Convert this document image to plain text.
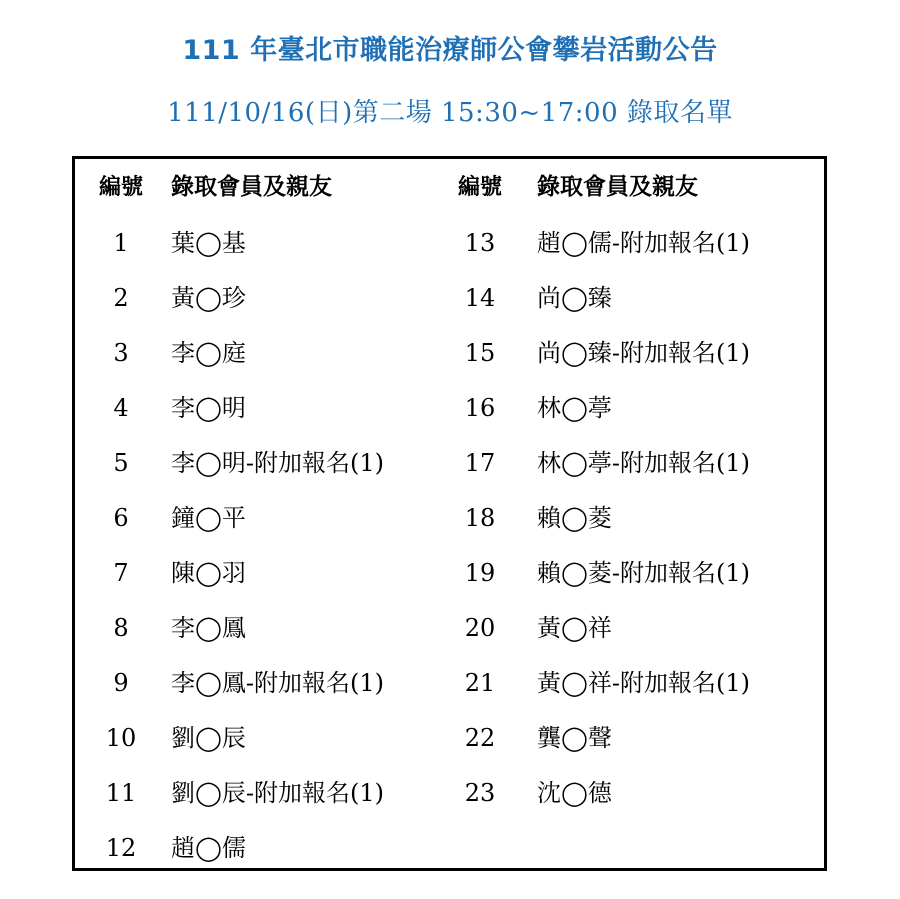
111 年臺北市職能治療師公會攀岩活動公告
111/10/16(日)第二場 15:30~17:00 錄取名單
編號	錄取會員及親友
1	葉◯基
2	黃◯珍
3	李◯庭
4	李◯明
5	李◯明-附加報名(1)
6	鐘◯平
7	陳◯羽
8	李◯鳳
9	李◯鳳-附加報名(1)
10	劉◯辰
11	劉◯辰-附加報名(1)
12	趙◯儒
編號	錄取會員及親友
13	趙◯儒-附加報名(1)
14	尚◯臻
15	尚◯臻-附加報名(1)
16	林◯葶
17	林◯葶-附加報名(1)
18	賴◯菱
19	賴◯菱-附加報名(1)
20	黃◯祥
21	黃◯祥-附加報名(1)
22	龔◯聲
23	沈◯德
